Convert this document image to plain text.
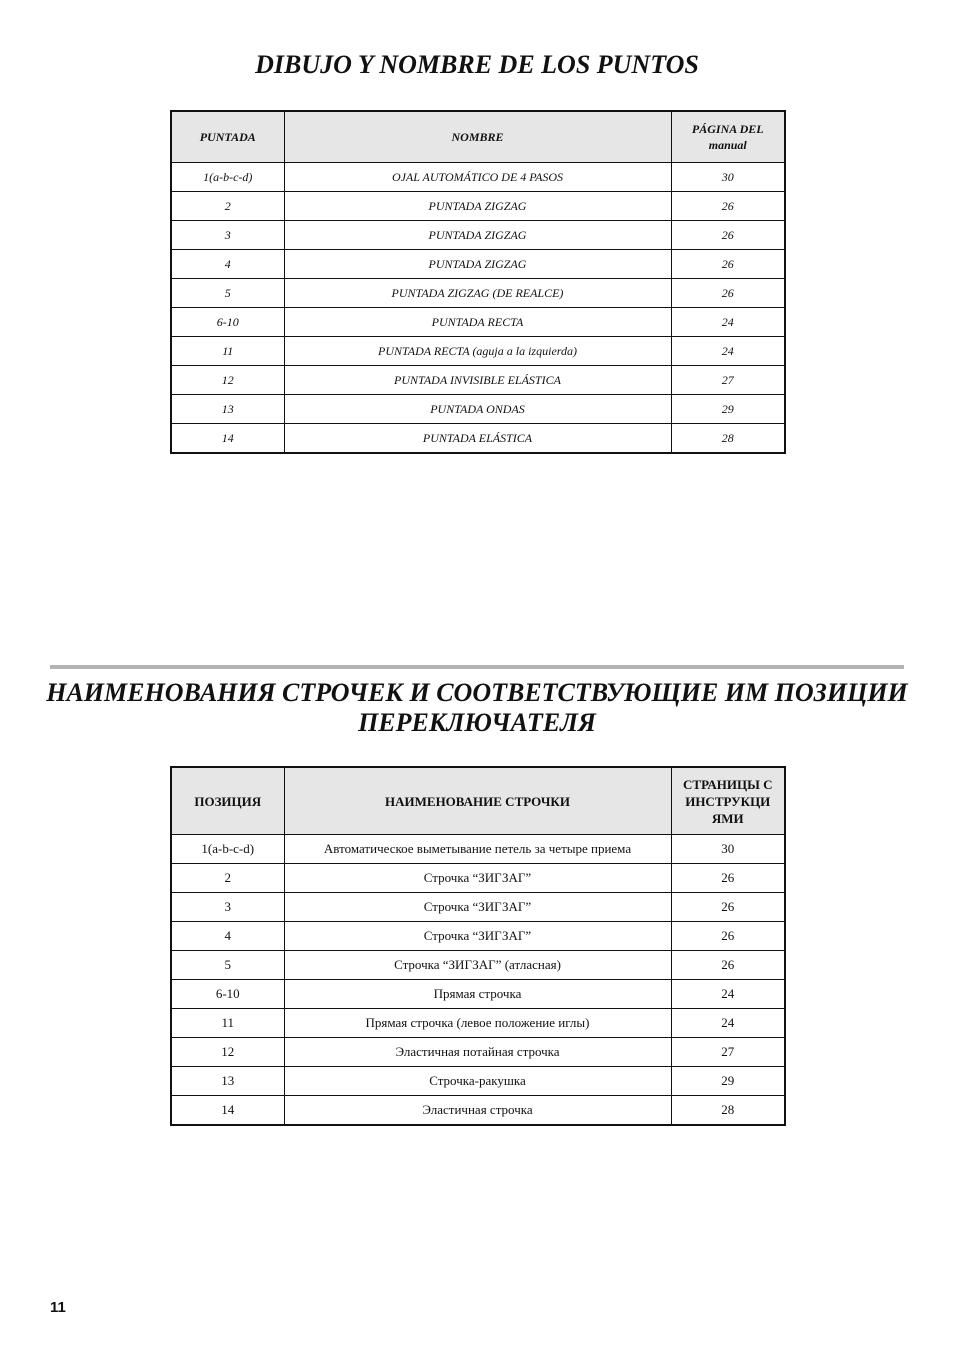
DIBUJO Y NOMBRE DE LOS PUNTOS
PUNTADA	NOMBRE	PÁGINA DEL
manual
1(a-b-c-d)	OJAL AUTOMÁTICO DE 4 PASOS	30
2	PUNTADA ZIGZAG	26
3	PUNTADA ZIGZAG	26
4	PUNTADA ZIGZAG	26
5	PUNTADA ZIGZAG (DE REALCE)	26
6-10	PUNTADA RECTA	24
11	PUNTADA RECTA (aguja a la izquierda)	24
12	PUNTADA INVISIBLE ELÁSTICA	27
13	PUNTADA ONDAS	29
14	PUNTADA ELÁSTICA	28
НАИМЕНОВАНИЯ СТРОЧЕК И СООТВЕТСТВУЮЩИЕ ИМ ПОЗИЦИИ
ПЕРЕКЛЮЧАТЕЛЯ
ПОЗИЦИЯ	НАИМЕНОВАНИЕ СТРОЧКИ	СТРАНИЦЫ С
ИНСТРУКЦИ
ЯМИ
1(a-b-c-d)	Автоматическое выметывание петель за четыре приема	30
2	Строчка “ЗИГЗАГ”	26
3	Строчка “ЗИГЗАГ”	26
4	Строчка “ЗИГЗАГ”	26
5	Строчка “ЗИГЗАГ” (атласная)	26
6-10	Прямая строчка	24
11	Прямая строчка (левое положение иглы)	24
12	Эластичная потайная строчка	27
13	Строчка-ракушка	29
14	Эластичная строчка	28
11
